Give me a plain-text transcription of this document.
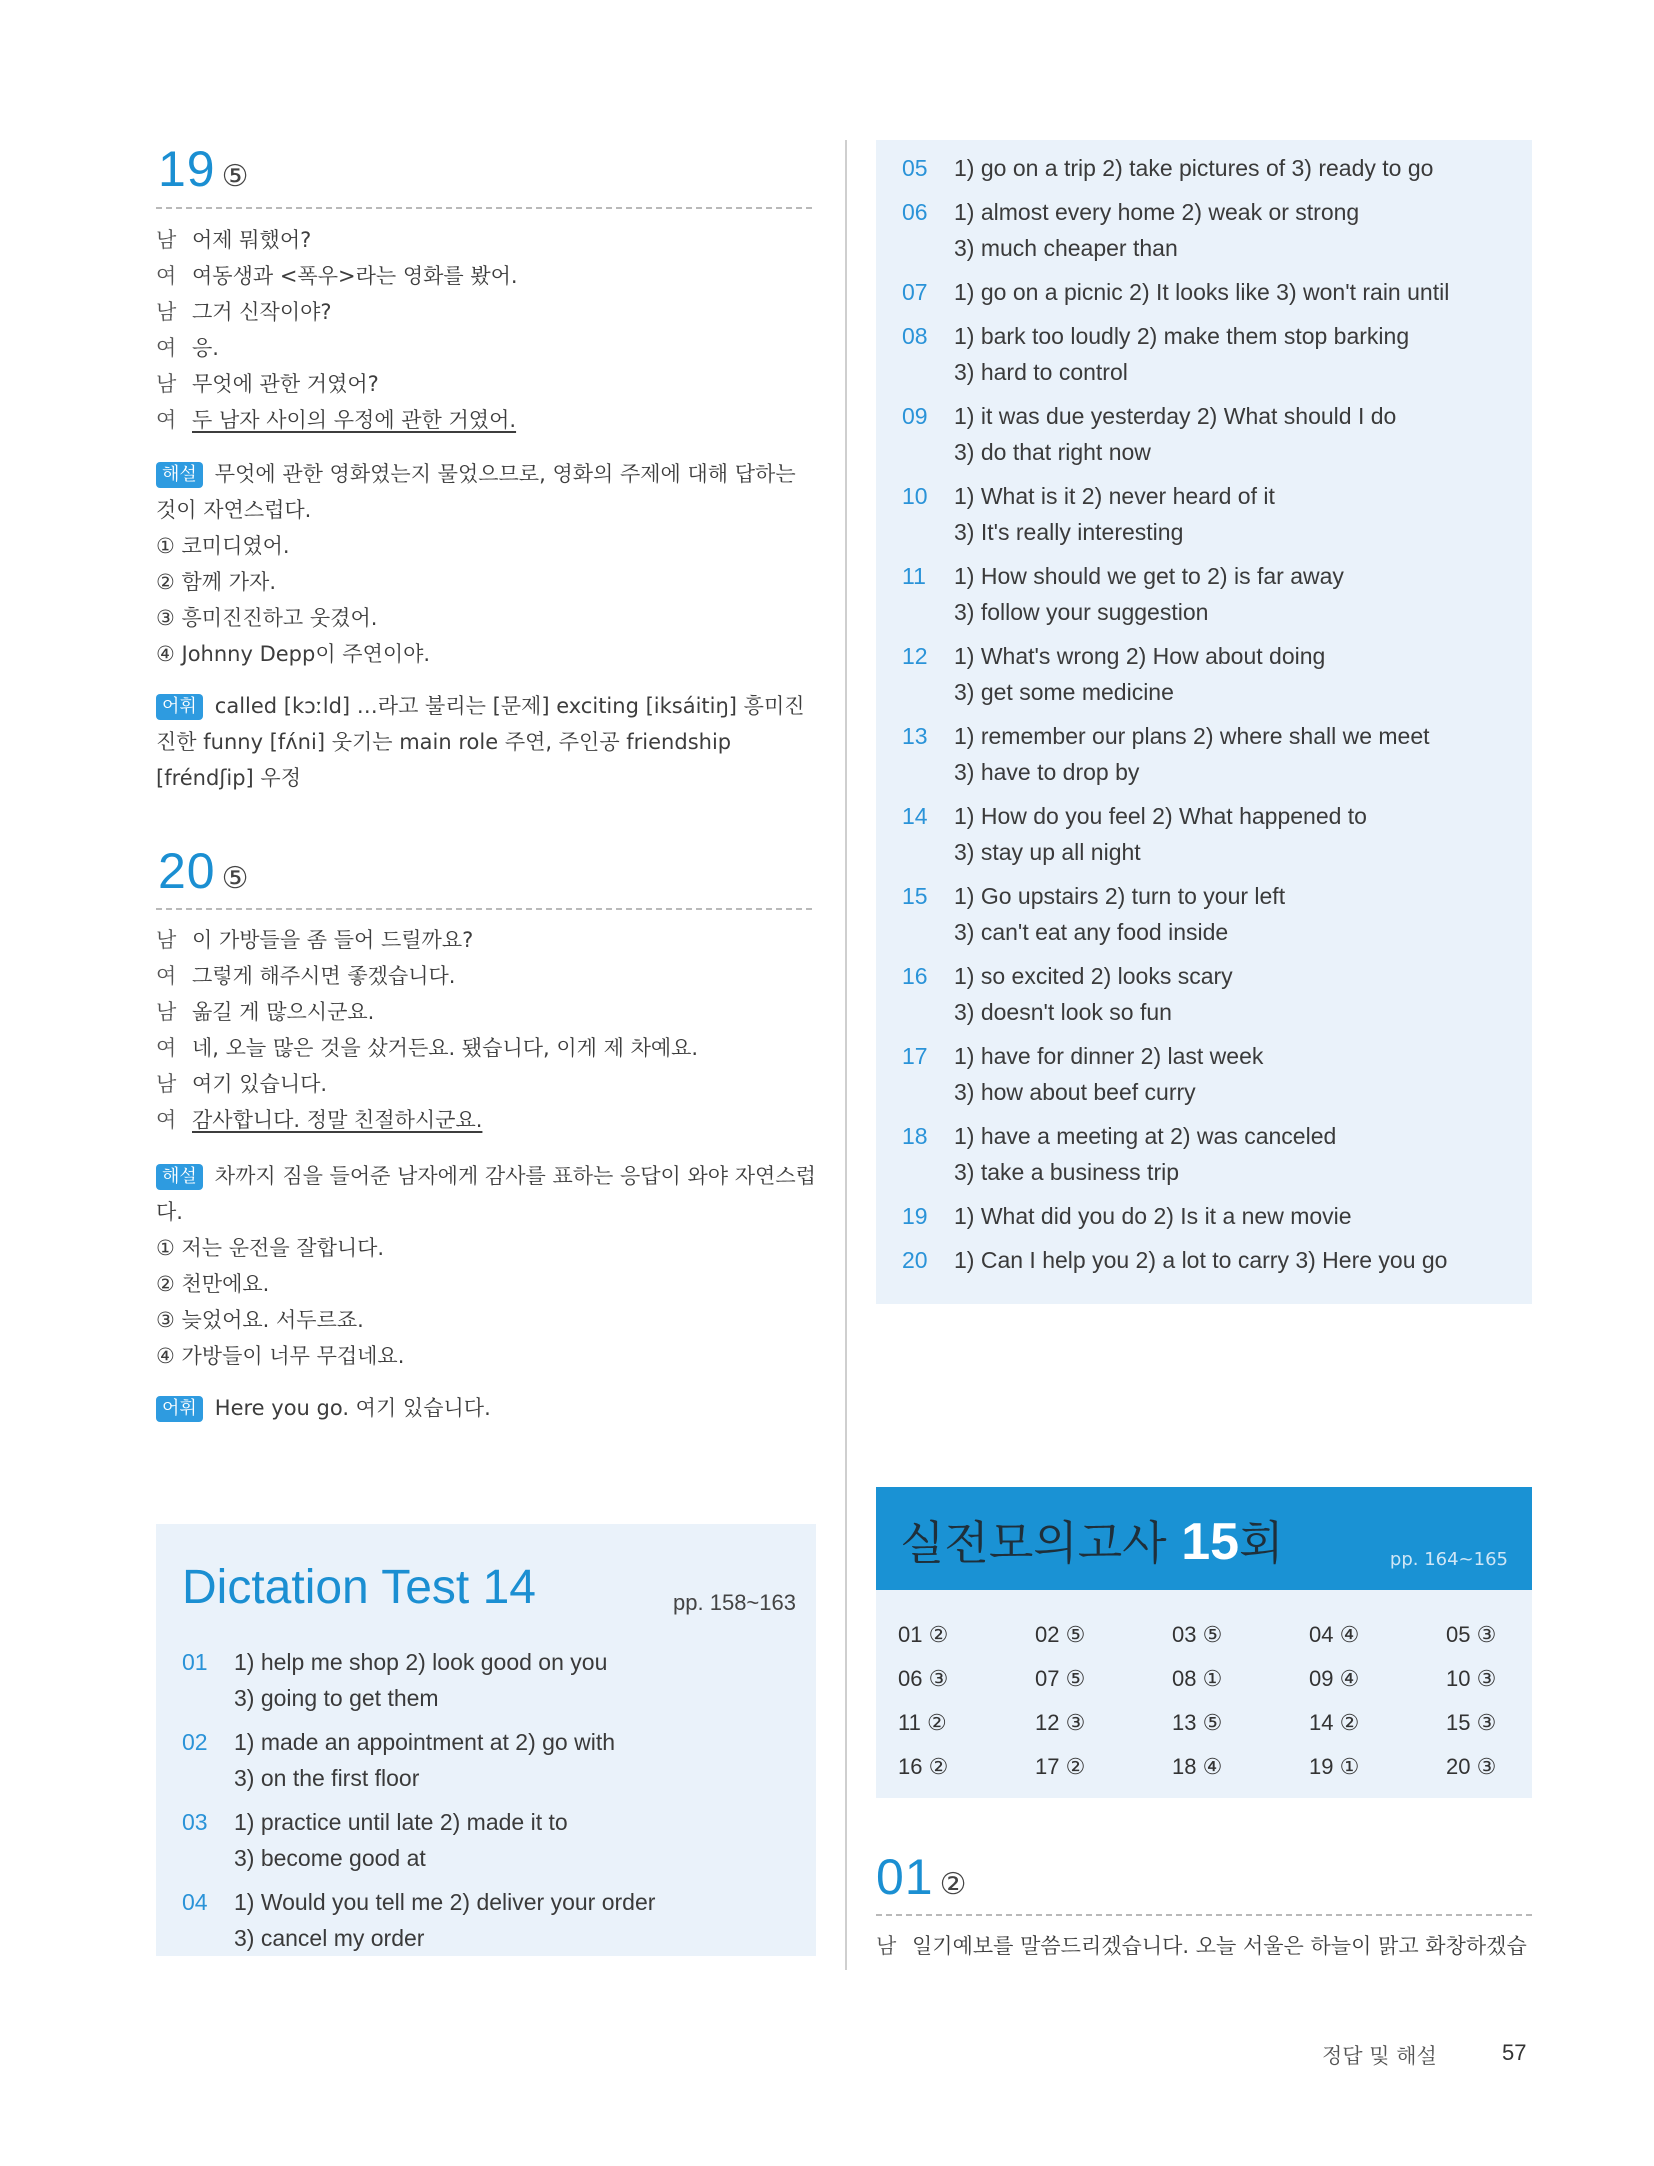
19 ⑤
남 어제 뭐했어?
여 여동생과 <폭우>라는 영화를 봤어.
남 그거 신작이야?
여 응.
남 무엇에 관한 거였어?
여 두 남자 사이의 우정에 관한 거였어.
해설 무엇에 관한 영화였는지 물었으므로, 영화의 주제에 대해 답하는 것이 자연스럽다.
① 코미디였어.
② 함께 가자.
③ 흥미진진하고 웃겼어.
④ Johnny Depp이 주연이야.
어휘 called [kɔːld] …라고 불리는 [문제] exciting [iksáitiŋ] 흥미진진한 funny [fʌ́ni] 웃기는 main role 주연, 주인공 friendship [fréndʃip] 우정
20 ⑤
남 이 가방들을 좀 들어 드릴까요?
여 그렇게 해주시면 좋겠습니다.
남 옮길 게 많으시군요.
여 네, 오늘 많은 것을 샀거든요. 됐습니다, 이게 제 차예요.
남 여기 있습니다.
여 감사합니다. 정말 친절하시군요.
해설 차까지 짐을 들어준 남자에게 감사를 표하는 응답이 와야 자연스럽다.
① 저는 운전을 잘합니다.
② 천만에요.
③ 늦었어요. 서두르죠.
④ 가방들이 너무 무겁네요.
어휘 Here you go. 여기 있습니다.
Dictation Test 14	pp. 158~163
01 1) help me shop 2) look good on you
3) going to get them
02 1) made an appointment at 2) go with
3) on the first floor
03 1) practice until late 2) made it to
3) become good at
04 1) Would you tell me 2) deliver your order
3) cancel my order
05 1) go on a trip 2) take pictures of 3) ready to go
06 1) almost every home 2) weak or strong
3) much cheaper than
07 1) go on a picnic 2) It looks like 3) won't rain until
08 1) bark too loudly 2) make them stop barking
3) hard to control
09 1) it was due yesterday 2) What should I do
3) do that right now
10 1) What is it 2) never heard of it
3) It's really interesting
11 1) How should we get to 2) is far away
3) follow your suggestion
12 1) What's wrong 2) How about doing
3) get some medicine
13 1) remember our plans 2) where shall we meet
3) have to drop by
14 1) How do you feel 2) What happened to
3) stay up all night
15 1) Go upstairs 2) turn to your left
3) can't eat any food inside
16 1) so excited 2) looks scary
3) doesn't look so fun
17 1) have for dinner 2) last week
3) how about beef curry
18 1) have a meeting at 2) was canceled
3) take a business trip
19 1) What did you do 2) Is it a new movie
20 1) Can I help you 2) a lot to carry 3) Here you go
실전모의고사 15회	pp. 164~165
01 ②	02 ⑤	03 ⑤	04 ④	05 ③
06 ③	07 ⑤	08 ①	09 ④	10 ③
11 ②	12 ③	13 ⑤	14 ②	15 ③
16 ②	17 ②	18 ④	19 ①	20 ③
01 ②
남 일기예보를 말씀드리겠습니다. 오늘 서울은 하늘이 맑고 화창하겠습
정답 및 해설	57
